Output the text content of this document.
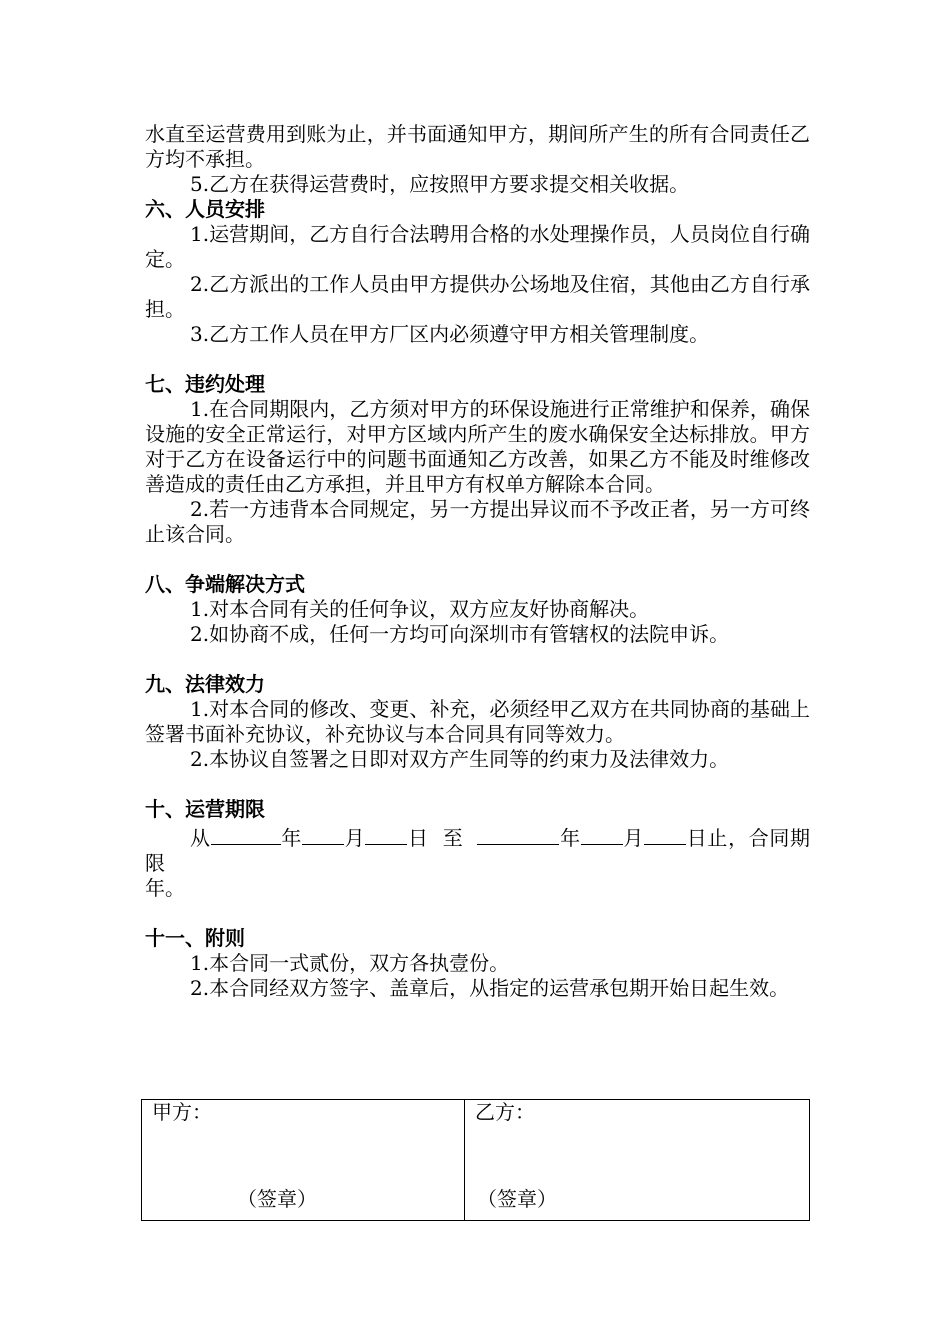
水直至运营费用到账为止，并书面通知甲方，期间所产生的所有合同责任乙方均不承担。

5.乙方在获得运营费时，应按照甲方要求提交相关收据。

六、人员安排

1.运营期间，乙方自行合法聘用合格的水处理操作员，人员岗位自行确定。

2.乙方派出的工作人员由甲方提供办公场地及住宿，其他由乙方自行承担。

3.乙方工作人员在甲方厂区内必须遵守甲方相关管理制度。

七、违约处理

1.在合同期限内，乙方须对甲方的环保设施进行正常维护和保养，确保设施的安全正常运行，对甲方区域内所产生的废水确保安全达标排放。甲方对于乙方在设备运行中的问题书面通知乙方改善，如果乙方不能及时维修改善造成的责任由乙方承担，并且甲方有权单方解除本合同。

2.若一方违背本合同规定，另一方提出异议而不予改正者，另一方可终止该合同。

八、争端解决方式

1.对本合同有关的任何争议，双方应友好协商解决。

2.如协商不成，任何一方均可向深圳市有管辖权的法院申诉。

九、法律效力

1.对本合同的修改、变更、补充，必须经甲乙双方在共同协商的基础上签署书面补充协议，补充协议与本合同具有同等效力。

2.本协议自签署之日即对双方产生同等的约束力及法律效力。

十、运营期限

从	年 月 日 至	年 月 日止，合同期限

年。

十一、附则

1.本合同一式贰份，双方各执壹份。

2.本合同经双方签字、盖章后，从指定的运营承包期开始日起生效。

甲方：
（签章）

乙方：
（签章）
